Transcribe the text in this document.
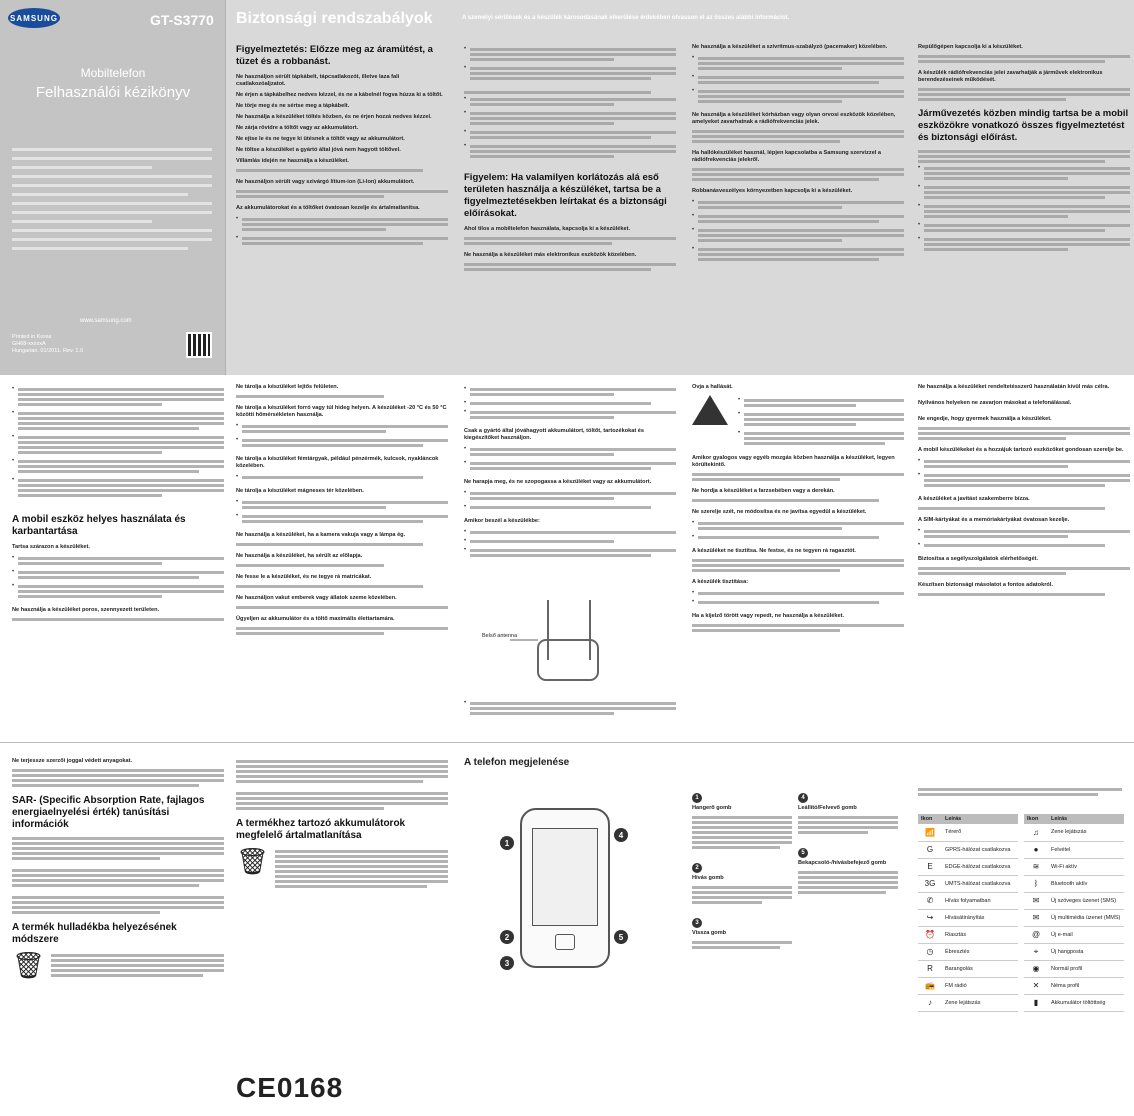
SAMSUNG	GT-S3770
Mobiltelefon
Felhasználói kézikönyv
www.samsung.com
Printed in Korea
GH68-xxxxxA
Hungarian. 01/2011. Rev. 1.0
Biztonsági rendszabályok	A személyi sérülések és a készülék károsodásának elkerülése érdekében olvasson el az összes alábbi információt.
Figyelmeztetés: Előzze meg az áramütést, a tüzet és a robbanást.
Ne használjon sérült tápkábelt, tápcsatlakozót, illetve laza fali csatlakozóaljzatot.
Ne érjen a tápkábelhez nedves kézzel, és ne a kábelnél fogva húzza ki a töltőt.
Ne törje meg és ne sértse meg a tápkábelt.
Ne használja a készüléket töltés közben, és ne érjen hozzá nedves kézzel.
Ne zárja rövidre a töltőt vagy az akkumulátort.
Ne ejtse le és ne tegye ki ütésnek a töltőt vagy az akkumulátort.
Ne töltse a készüléket a gyártó által jóvá nem hagyott töltővel.
Villámlás idején ne használja a készüléket.
Ne használjon sérült vagy szivárgó lítium-ion (Li-Ion) akkumulátort.
Az akkumulátorokat és a töltőket óvatosan kezelje és ártalmatlanítsa.
•
•
•
•
•
•
•
•
Figyelem: Ha valamilyen korlátozás alá eső területen használja a készüléket, tartsa be a figyelmeztetésekben leírtakat és a biztonsági előírásokat.
Ahol tilos a mobiltelefon használata, kapcsolja ki a készüléket.
Ne használja a készüléket más elektronikus eszközök közelében.
Ne használja a készüléket a szívritmus-szabályzó (pacemaker) közelében.
•
•
•
Ne használja a készüléket kórházban vagy olyan orvosi eszközök közelében, amelyeket zavarhatnak a rádiófrekvenciás jelek.
Ha hallókészüléket használ, lépjen kapcsolatba a Samsung szervizzel a rádiófrekvenciás jelekről.
Robbanásveszélyes környezetben kapcsolja ki a készüléket.
•
•
•
•
Repülőgépen kapcsolja ki a készüléket.
A készülék rádiófrekvenciás jelei zavarhatják a járművek elektronikus berendezéseinek működését.
Járművezetés közben mindig tartsa be a mobil eszközökre vonatkozó összes figyelmeztetést és biztonsági előírást.
•
•
•
•
•
•
•
•
•
•
A mobil eszköz helyes használata és karbantartása
Tartsa szárazon a készüléket.
•
•
•
Ne használja a készüléket poros, szennyezett területen.
Ne tárolja a készüléket lejtős felületen.
Ne tárolja a készüléket forró vagy túl hideg helyen. A készüléket -20 °C és 50 °C közötti hőmérsékleten használja.
•
•
Ne tárolja a készüléket fémtárgyak, például pénzérmék, kulcsok, nyakláncok közelében.
•
Ne tárolja a készüléket mágneses tér közelében.
•
•
Ne használja a készüléket, ha a kamera vakuja vagy a lámpa ég.
Ne használja a készüléket, ha sérült az előlapja.
Ne fesse le a készüléket, és ne tegye rá matricákat.
Ne használjon vakut emberek vagy állatok szeme közelében.
Ügyeljen az akkumulátor és a töltő maximális élettartamára.
•
•
•
Csak a gyártó által jóváhagyott akkumulátort, töltőt, tartozékokat és kiegészítőket használjon.
•
•
Ne harapja meg, és ne szopogassa a készüléket vagy az akkumulátort.
•
•
Amikor beszél a készülékbe:
•
•
•
Belső antenna
•
Óvja a hallását.
•
•
•
Amikor gyalogos vagy egyéb mozgás közben használja a készüléket, legyen körültekintő.
Ne hordja a készüléket a farzsebében vagy a derekán.
Ne szerelje szét, ne módosítsa és ne javítsa egyedül a készüléket.
•
•
A készüléket ne tisztítsa. Ne festse, és ne tegyen rá ragasztót.
A készülék tisztítása:
•
•
Ha a kijelző törött vagy repedt, ne használja a készüléket.
Ne használja a készüléket rendeltetésszerű használatán kívül más célra.
Nyilvános helyeken ne zavarjon másokat a telefonálással.
Ne engedje, hogy gyermek használja a készüléket.
A mobil készülékeket és a hozzájuk tartozó eszközöket gondosan szerelje be.
•
•
A készüléket a javítást szakemberre bízza.
A SIM-kártyákat és a memóriakártyákat óvatosan kezelje.
•
•
Biztosítsa a segélyszolgálatok elérhetőségét.
Készítsen biztonsági másolatot a fontos adatokról.
Ne terjessze szerzői joggal védett anyagokat.
SAR- (Specific Absorption Rate, fajlagos energiaelnyelési érték) tanúsítási információk
A termék hulladékba helyezésének módszere
🗑
A termékhez tartozó akkumulátorok megfelelő ártalmatlanítása
🗑
CE0168
A telefon megjelenése
1
4
2	5
3
1
Hangerő gomb
2
Hívás gomb
3
Vissza gomb
4
Leállító/Felvevő gomb
5
Bekapcsoló-/hívásbefejező gomb
Ikon	Leírás
📶	Térerő
G	GPRS-hálózat csatlakozva
E	EDGE-hálózat csatlakozva
3G	UMTS-hálózat csatlakozva
✆	Hívás folyamatban
↪	Hívásátirányítás
⏰	Riasztás
◷	Ébresztés
R	Barangolás
📻	FM rádió
♪	Zene lejátszás
Ikon	Leírás
♫	Zene lejátszás
●	Felvétel
≋	Wi-Fi aktív
ᛒ	Bluetooth aktív
✉	Új szöveges üzenet (SMS)
✉	Új multimédia üzenet (MMS)
@	Új e-mail
⌖	Új hangposta
◉	Normál profil
✕	Néma profil
▮	Akkumulátor töltöttség
